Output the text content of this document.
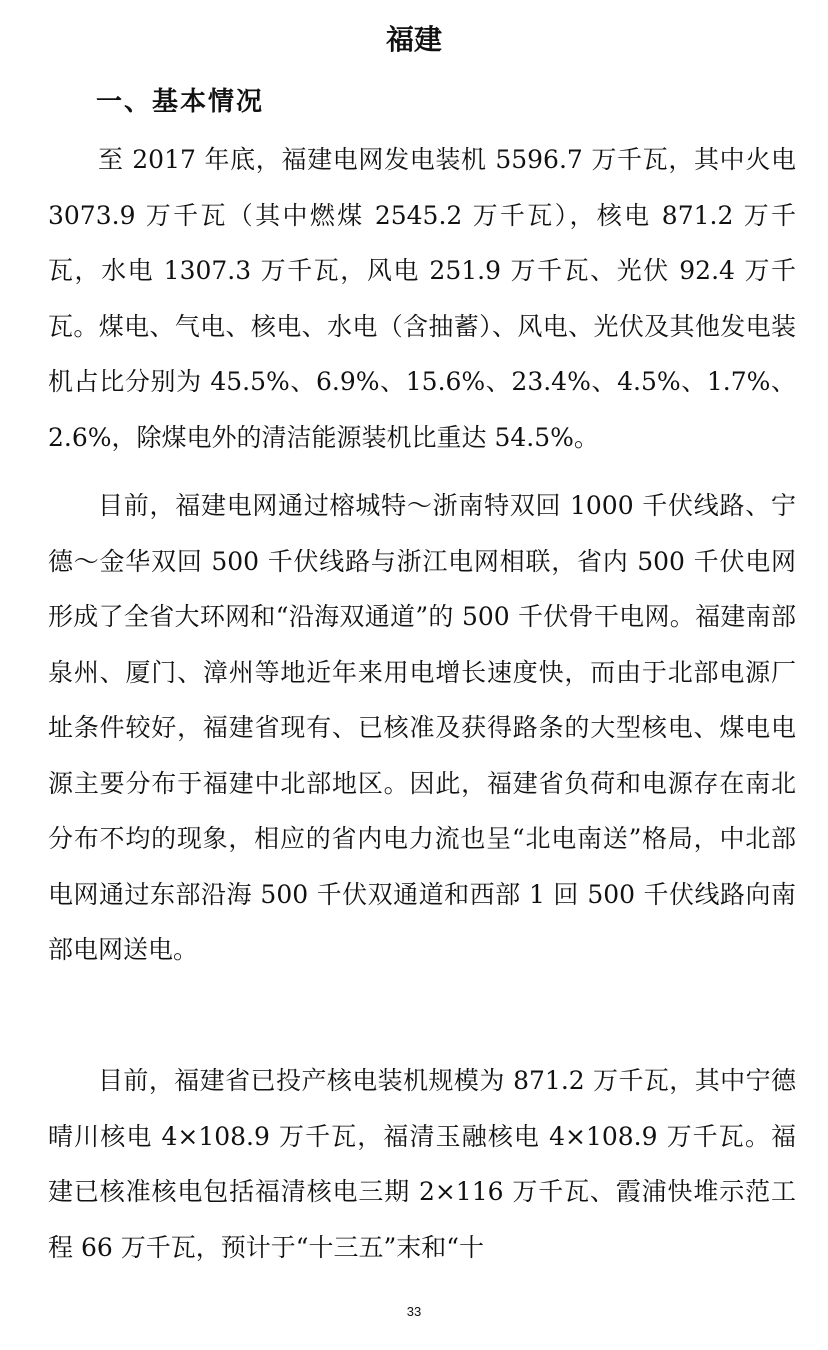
福建
一、基本情况

至 2017 年底，福建电网发电装机 5596.7 万千瓦，其中火电 3073.9 万千瓦（其中燃煤 2545.2 万千瓦），核电 871.2 万千瓦，水电 1307.3 万千瓦，风电 251.9 万千瓦、光伏 92.4 万千瓦。煤电、气电、核电、水电（含抽蓄）、风电、光伏及其他发电装机占比分别为 45.5%、6.9%、15.6%、23.4%、4.5%、1.7%、2.6%，除煤电外的清洁能源装机比重达 54.5%。

目前，福建电网通过榕城特～浙南特双回 1000 千伏线路、宁德～金华双回 500 千伏线路与浙江电网相联，省内 500 千伏电网形成了全省大环网和“沿海双通道”的 500 千伏骨干电网。福建南部泉州、厦门、漳州等地近年来用电增长速度快，而由于北部电源厂址条件较好，福建省现有、已核准及获得路条的大型核电、煤电电源主要分布于福建中北部地区。因此，福建省负荷和电源存在南北分布不均的现象，相应的省内电力流也呈“北电南送”格局，中北部电网通过东部沿海 500 千伏双通道和西部 1 回 500 千伏线路向南部电网送电。

目前，福建省已投产核电装机规模为 871.2 万千瓦，其中宁德晴川核电 4×108.9 万千瓦，福清玉融核电 4×108.9 万千瓦。福建已核准核电包括福清核电三期 2×116 万千瓦、霞浦快堆示范工程 66 万千瓦，预计于“十三五”末和“十

33
